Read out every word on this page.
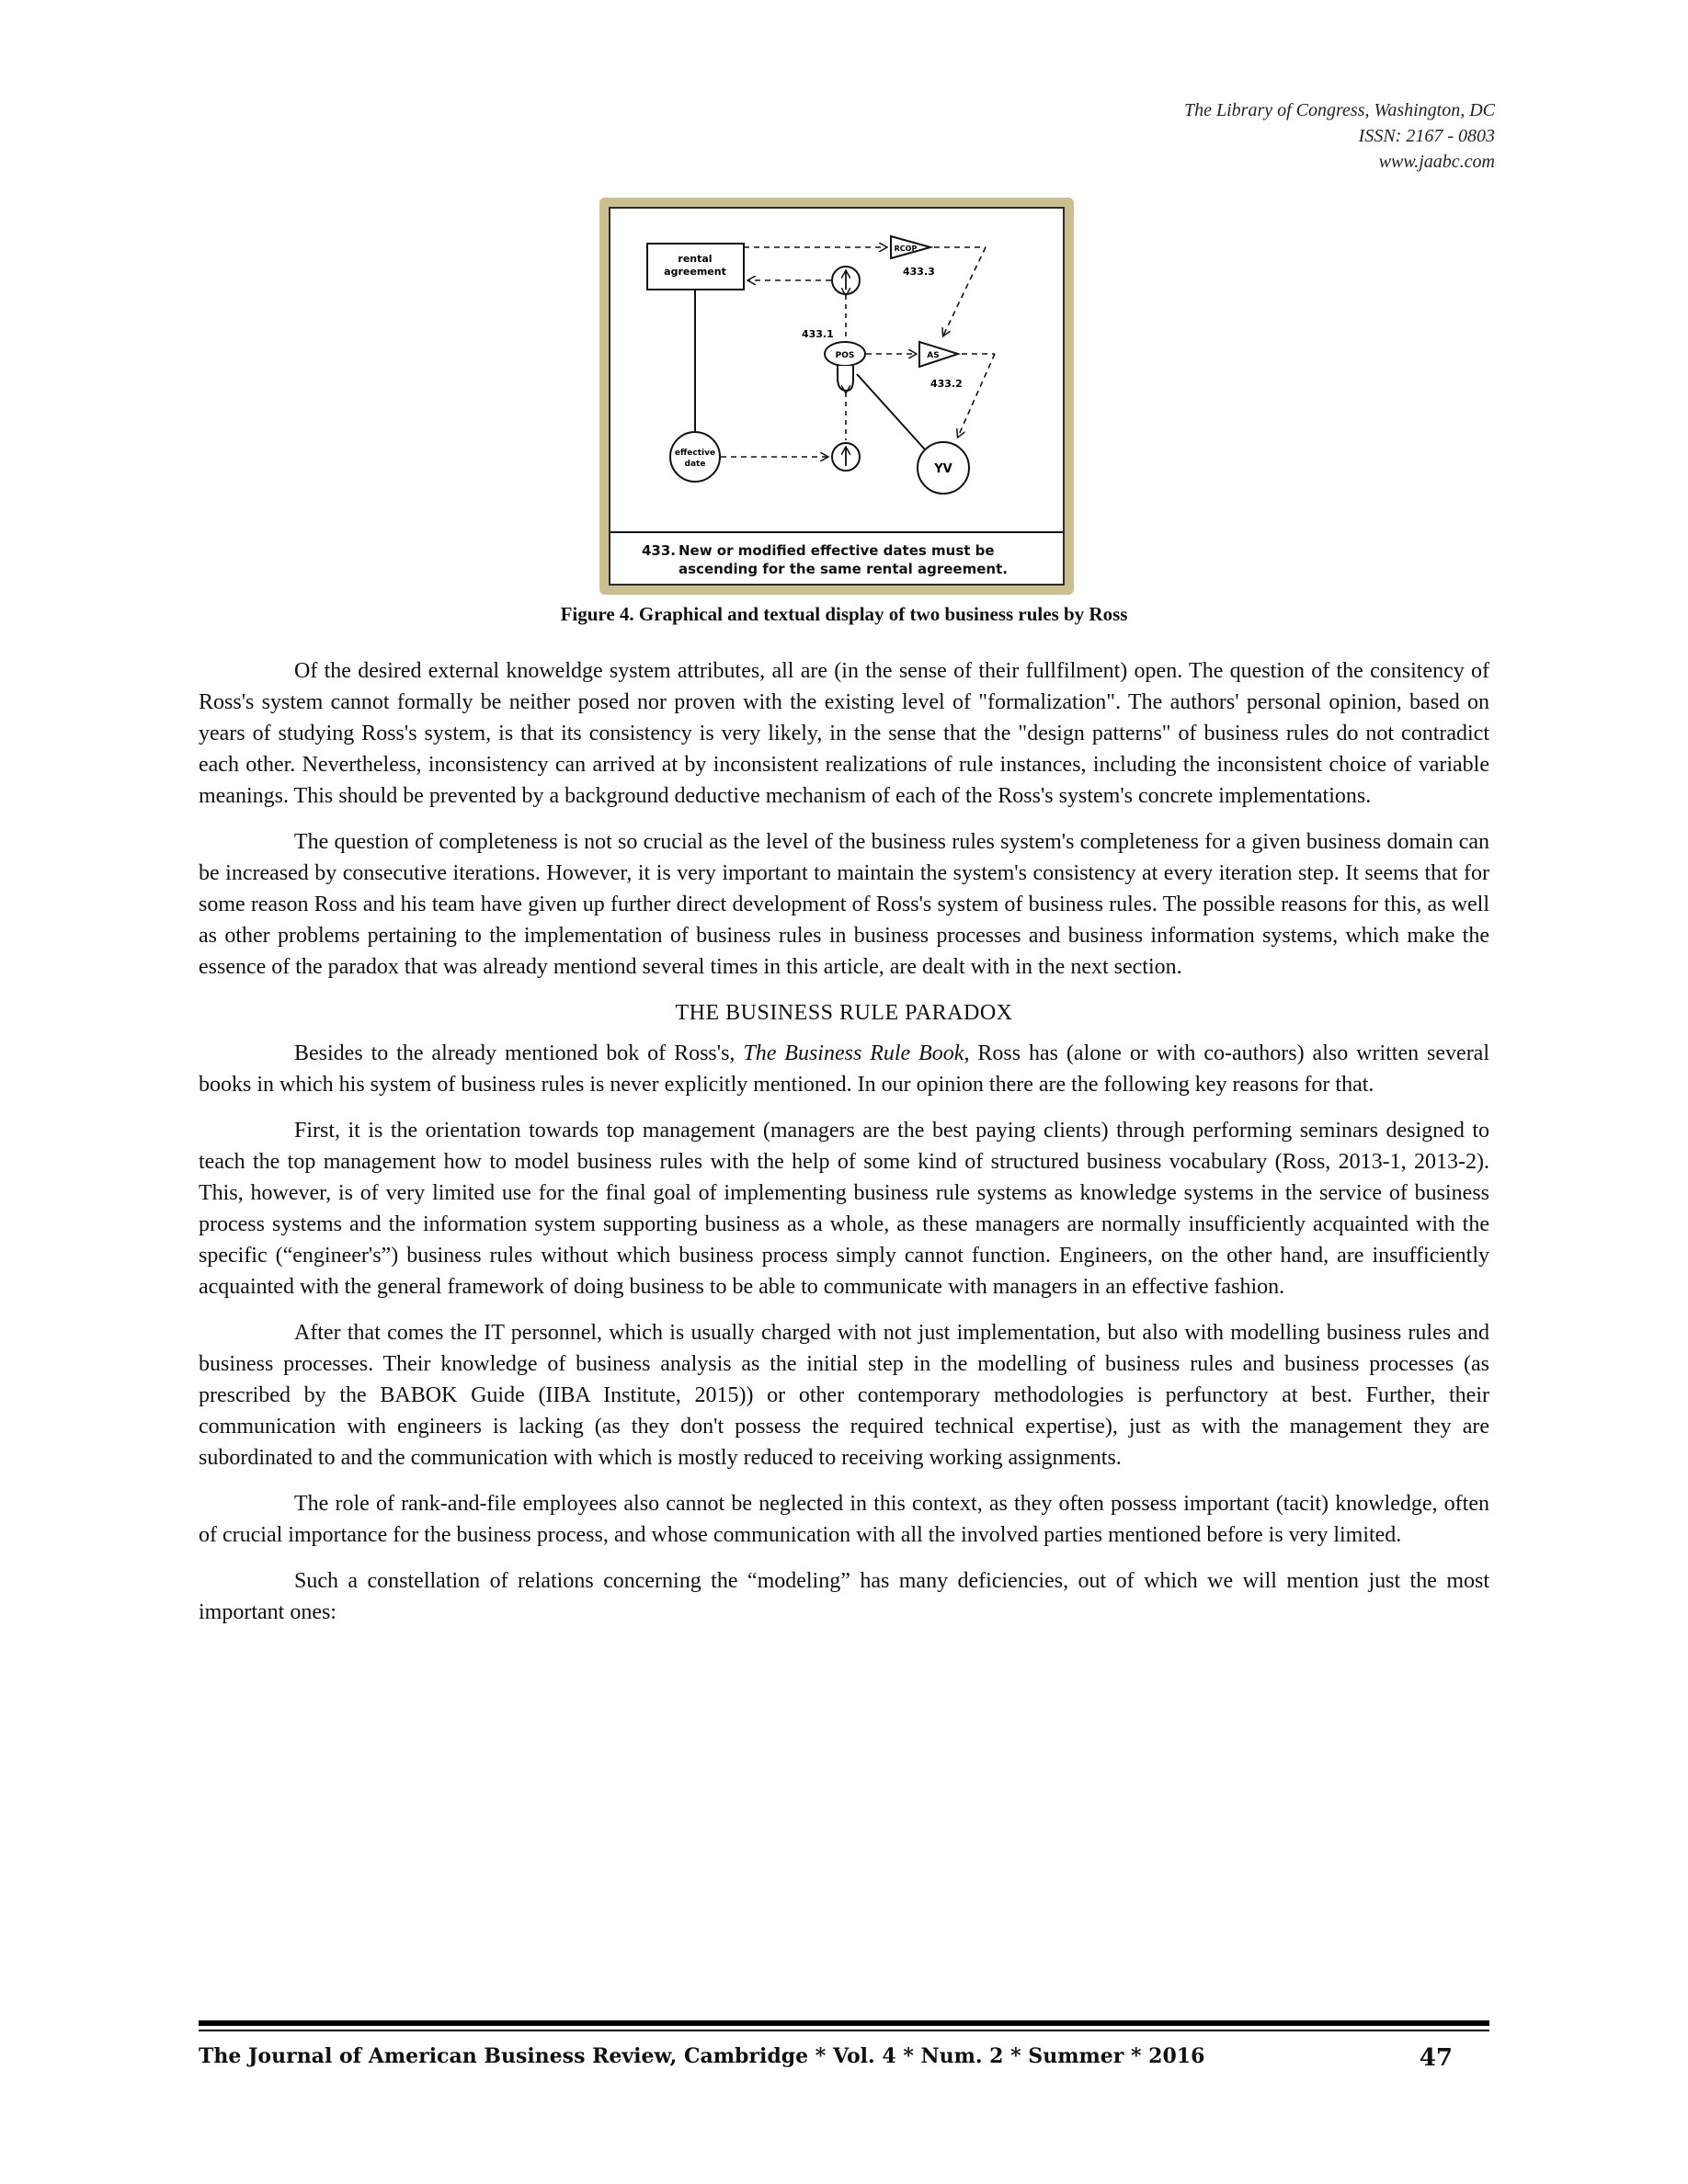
The Library of Congress, Washington, DC
ISSN: 2167 - 0803
www.jaabc.com
rental
agreement
RCOP
433.3
433.1
POS	AS
433.2
effective
date	YV
433. New or modified effective dates must be
ascending for the same rental agreement.
Figure 4. Graphical and textual display of two business rules by Ross

Of the desired external knoweldge system attributes, all are (in the sense of their fullfilment) open. The question of the consitency of Ross's system cannot formally be neither posed nor proven with the existing level of "formalization". The authors' personal opinion, based on years of studying Ross's system, is that its consistency is very likely, in the sense that the "design patterns" of business rules do not contradict each other. Nevertheless, inconsistency can arrived at by inconsistent realizations of rule instances, including the inconsistent choice of variable meanings. This should be prevented by a background deductive mechanism of each of the Ross's system's concrete implementations.

The question of completeness is not so crucial as the level of the business rules system's completeness for a given business domain can be increased by consecutive iterations. However, it is very important to maintain the system's consistency at every iteration step. It seems that for some reason Ross and his team have given up further direct development of Ross's system of business rules. The possible reasons for this, as well as other problems pertaining to the implementation of business rules in business processes and business information systems, which make the essence of the paradox that was already mentiond several times in this article, are dealt with in the next section.

THE BUSINESS RULE PARADOX

Besides to the already mentioned bok of Ross's, The Business Rule Book, Ross has (alone or with co-authors) also written several books in which his system of business rules is never explicitly mentioned. In our opinion there are the following key reasons for that.

First, it is the orientation towards top management (managers are the best paying clients) through performing seminars designed to teach the top management how to model business rules with the help of some kind of structured business vocabulary (Ross, 2013-1, 2013-2). This, however, is of very limited use for the final goal of implementing business rule systems as knowledge systems in the service of business process systems and the information system supporting business as a whole, as these managers are normally insufficiently acquainted with the specific (“engineer's”) business rules without which business process simply cannot function. Engineers, on the other hand, are insufficiently acquainted with the general framework of doing business to be able to communicate with managers in an effective fashion.

After that comes the IT personnel, which is usually charged with not just implementation, but also with modelling business rules and business processes. Their knowledge of business analysis as the initial step in the modelling of business rules and business processes (as prescribed by the BABOK Guide (IIBA Institute, 2015)) or other contemporary methodologies is perfunctory at best. Further, their communication with engineers is lacking (as they don't possess the required technical expertise), just as with the management they are subordinated to and the communication with which is mostly reduced to receiving working assignments.

The role of rank-and-file employees also cannot be neglected in this context, as they often possess important (tacit) knowledge, often of crucial importance for the business process, and whose communication with all the involved parties mentioned before is very limited.

Such a constellation of relations concerning the “modeling” has many deficiencies, out of which we will mention just the most important ones:

The Journal of American Business Review, Cambridge * Vol. 4 * Num. 2 * Summer * 2016	47
